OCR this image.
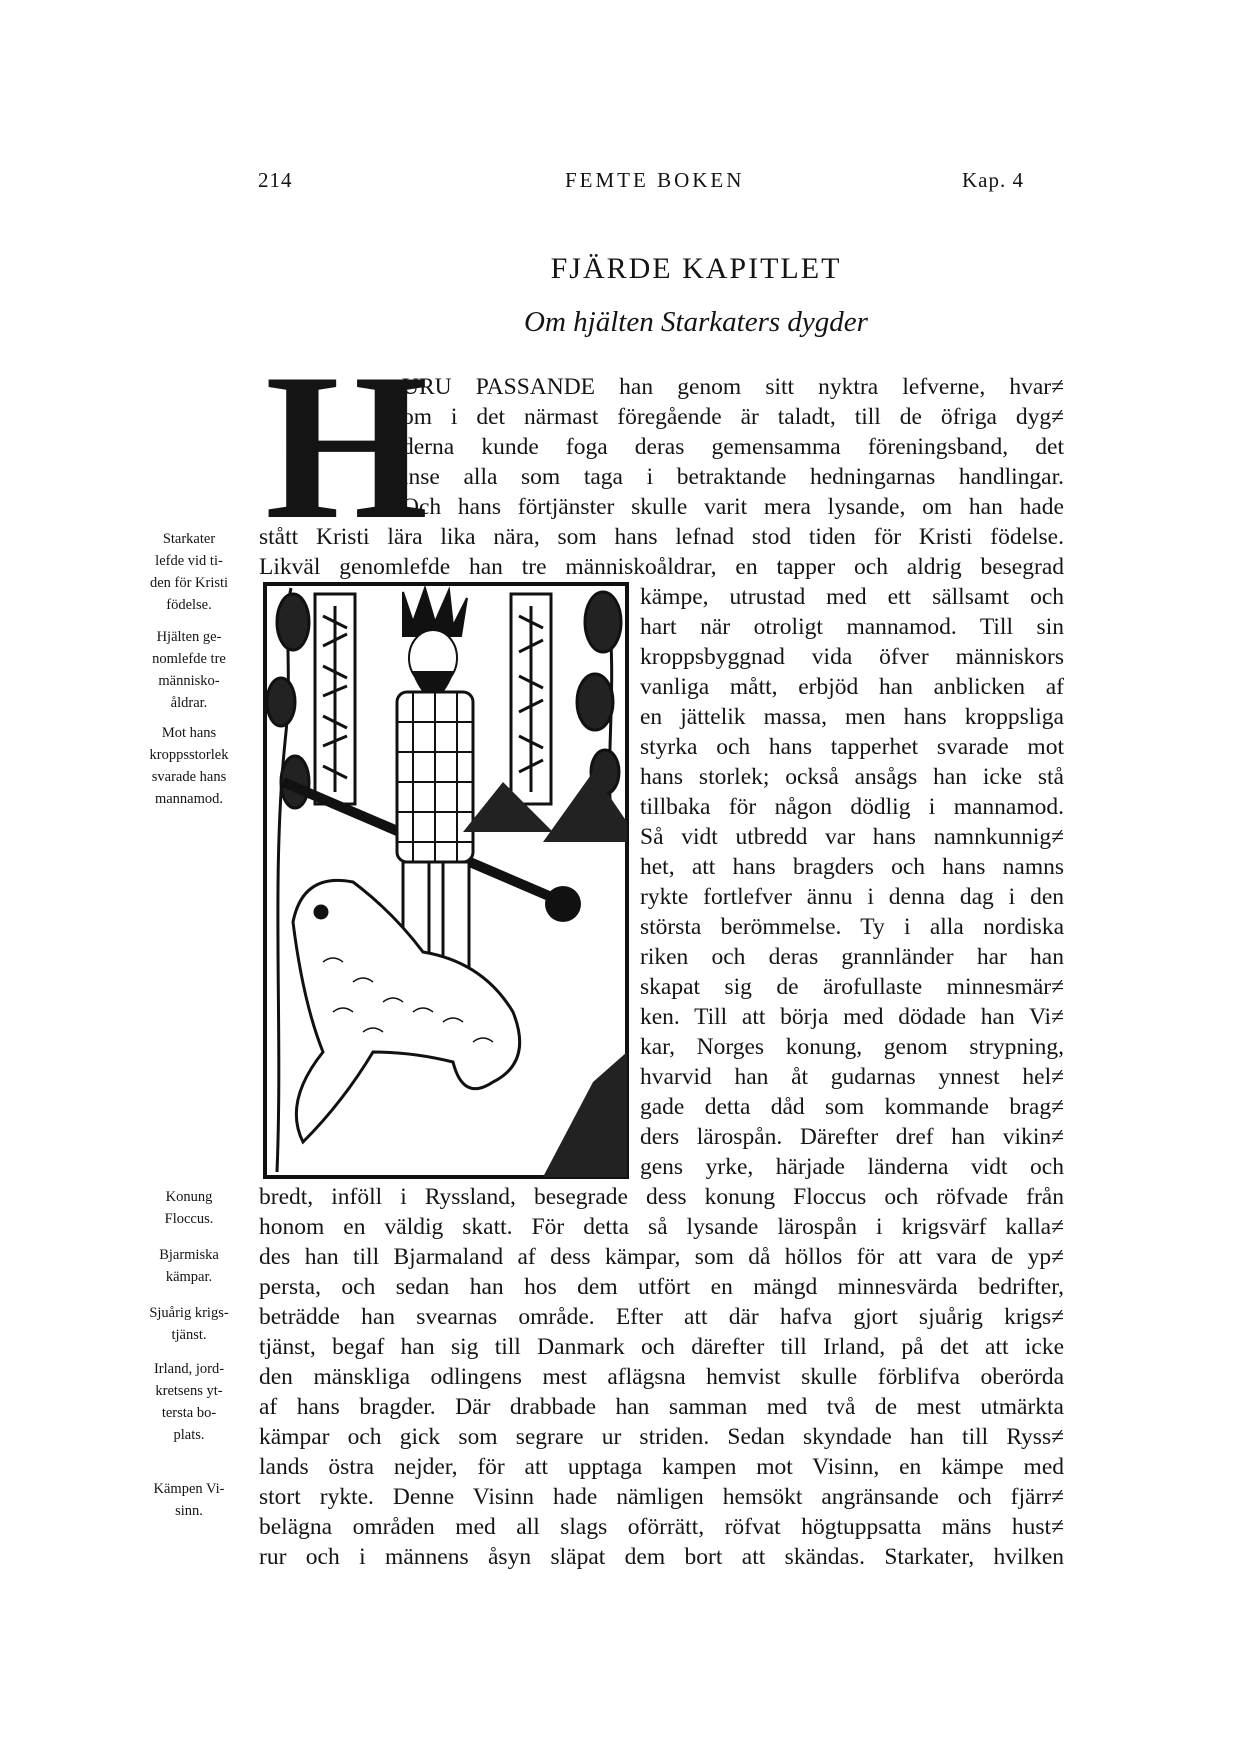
214	FEMTE BOKEN	Kap. 4
FJÄRDE KAPITLET
Om hjälten Starkaters dygder
H
URU PASSANDE han genom sitt nyktra lefverne, hvar≠
om i det närmast föregående är taladt, till de öfriga dyg≠
derna kunde foga deras gemensamma föreningsband, det
inse alla som taga i betraktande hedningarnas handlingar.
Och hans förtjänster skulle varit mera lysande, om han hade
stått Kristi lära lika nära, som hans lefnad stod tiden för Kristi födelse.
Likväl genomlefde han tre människoåldrar, en tapper och aldrig besegrad
kämpe, utrustad med ett sällsamt och
hart när otroligt mannamod. Till sin
kroppsbyggnad vida öfver människors
vanliga mått, erbjöd han anblicken af
en jättelik massa, men hans kroppsliga
styrka och hans tapperhet svarade mot
hans storlek; också ansågs han icke stå
tillbaka för någon dödlig i mannamod.
Så vidt utbredd var hans namnkunnig≠
het, att hans bragders och hans namns
rykte fortlefver ännu i denna dag i den
största berömmelse. Ty i alla nordiska
riken och deras grannländer har han
skapat sig de ärofullaste minnesmär≠
ken. Till att börja med dödade han Vi≠
kar, Norges konung, genom strypning,
hvarvid han åt gudarnas ynnest hel≠
gade detta dåd som kommande brag≠
ders lärospån. Därefter dref han vikin≠
gens yrke, härjade länderna vidt och
bredt, inföll i Ryssland, besegrade dess konung Floccus och röfvade från
honom en väldig skatt. För detta så lysande lärospån i krigsvärf kalla≠
des han till Bjarmaland af dess kämpar, som då höllos för att vara de yp≠
persta, och sedan han hos dem utfört en mängd minnesvärda bedrifter,
beträdde han svearnas område. Efter att där hafva gjort sjuårig krigs≠
tjänst, begaf han sig till Danmark och därefter till Irland, på det att icke
den mänskliga odlingens mest aflägsna hemvist skulle förblifva oberörda
af hans bragder. Där drabbade han samman med två de mest utmärkta
kämpar och gick som segrare ur striden. Sedan skyndade han till Ryss≠
lands östra nejder, för att upptaga kampen mot Visinn, en kämpe med
stort rykte. Denne Visinn hade nämligen hemsökt angränsande och fjärr≠
belägna områden med all slags oförrätt, röfvat högtuppsatta mäns hust≠
rur och i männens åsyn släpat dem bort att skändas. Starkater, hvilken
Starkater
lefde vid ti-
den för Kristi
födelse.
Hjälten ge-
nomlefde tre
människo-
åldrar.
Mot hans
kroppsstorlek
svarade hans
mannamod.
Konung
Floccus.
Bjarmiska
kämpar.
Sjuårig krigs-
tjänst.
Irland, jord-
kretsens yt-
tersta bo-
plats.
Kämpen Vi-
sinn.
